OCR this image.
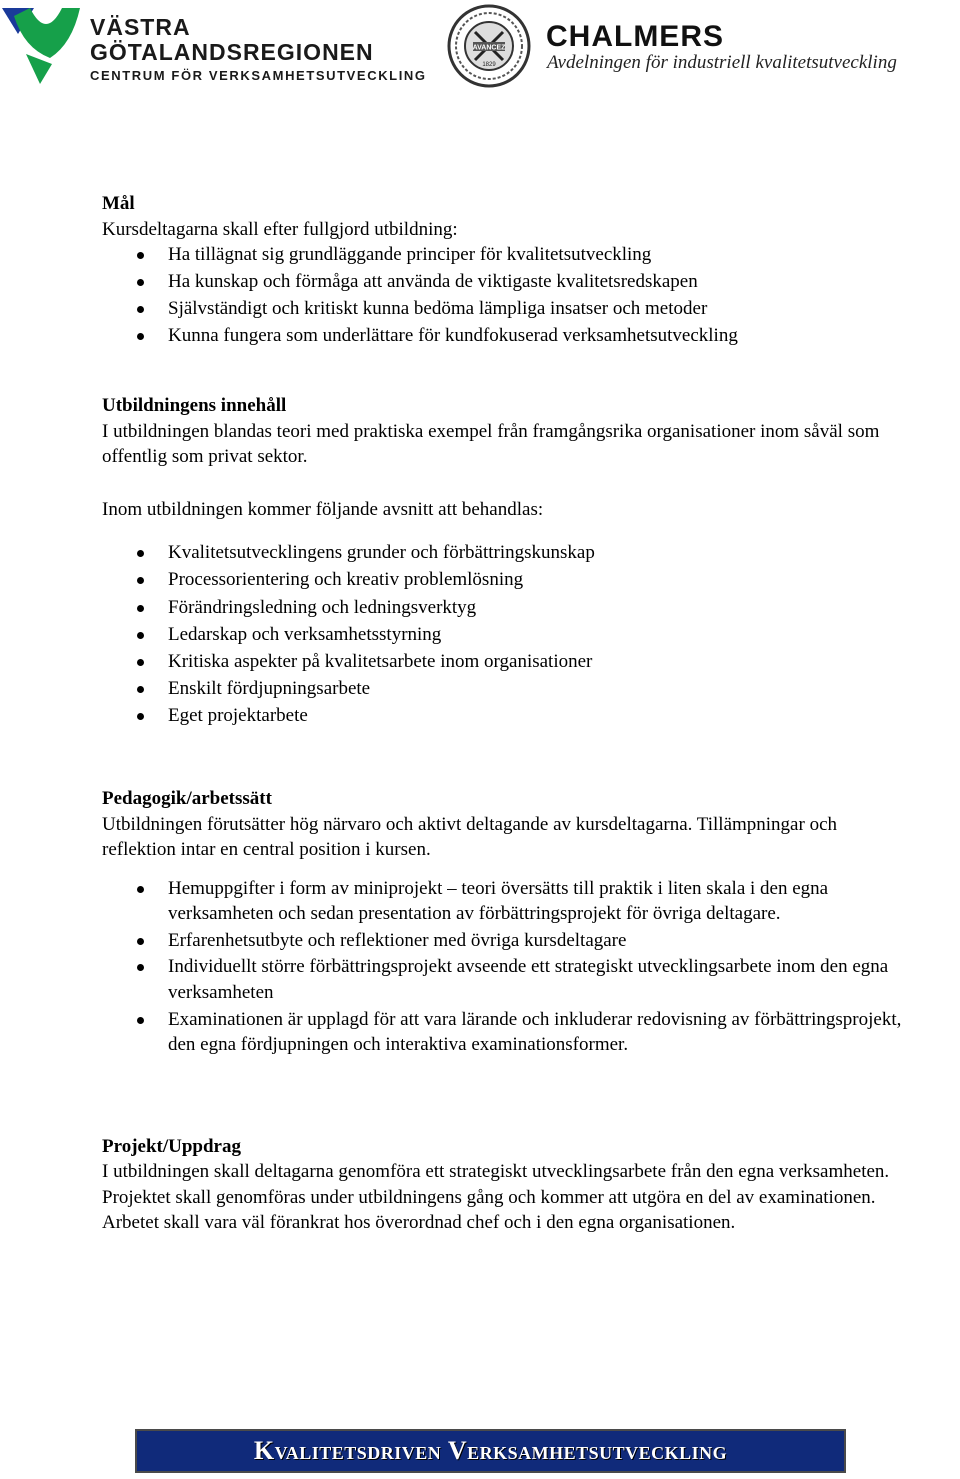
VÄSTRA
GÖTALANDSREGIONEN
CENTRUM FÖR VERKSAMHETSUTVECKLING
AVANCEZ
1829
CHALMERS
Avdelningen för industriell kvalitetsutveckling
Mål

Kursdeltagarna skall efter fullgjord utbildning:

Ha tillägnat sig grundläggande principer för kvalitetsutveckling
Ha kunskap och förmåga att använda de viktigaste kvalitetsredskapen
Självständigt och kritiskt kunna bedöma lämpliga insatser och metoder
Kunna fungera som underlättare för kundfokuserad verksamhetsutveckling
Utbildningens innehåll

I utbildningen blandas teori med praktiska exempel från framgångsrika organisationer inom såväl som offentlig som privat sektor.

Inom utbildningen kommer följande avsnitt att behandlas:

Kvalitetsutvecklingens grunder och förbättringskunskap
Processorientering och kreativ problemlösning
Förändringsledning och ledningsverktyg
Ledarskap och verksamhetsstyrning
Kritiska aspekter på kvalitetsarbete inom organisationer
Enskilt fördjupningsarbete
Eget projektarbete
Pedagogik/arbetssätt

Utbildningen förutsätter hög närvaro och aktivt deltagande av kursdeltagarna. Tillämpningar och reflektion intar en central position i kursen.

Hemuppgifter i form av miniprojekt – teori översätts till praktik i liten skala i den egna verksamheten och sedan presentation av förbättringsprojekt för övriga deltagare.
Erfarenhetsutbyte och reflektioner med övriga kursdeltagare
Individuellt större förbättringsprojekt avseende ett strategiskt utvecklingsarbete inom den egna verksamheten
Examinationen är upplagd för att vara lärande och inkluderar redovisning av förbättringsprojekt, den egna fördjupningen och interaktiva examinationsformer.
Projekt/Uppdrag

I utbildningen skall deltagarna genomföra ett strategiskt utvecklingsarbete från den egna verksamheten. Projektet skall genomföras under utbildningens gång och kommer att utgöra en del av examinationen. Arbetet skall vara väl förankrat hos överordnad chef och i den egna organisationen.

Kvalitetsdriven Verksamhetsutveckling
